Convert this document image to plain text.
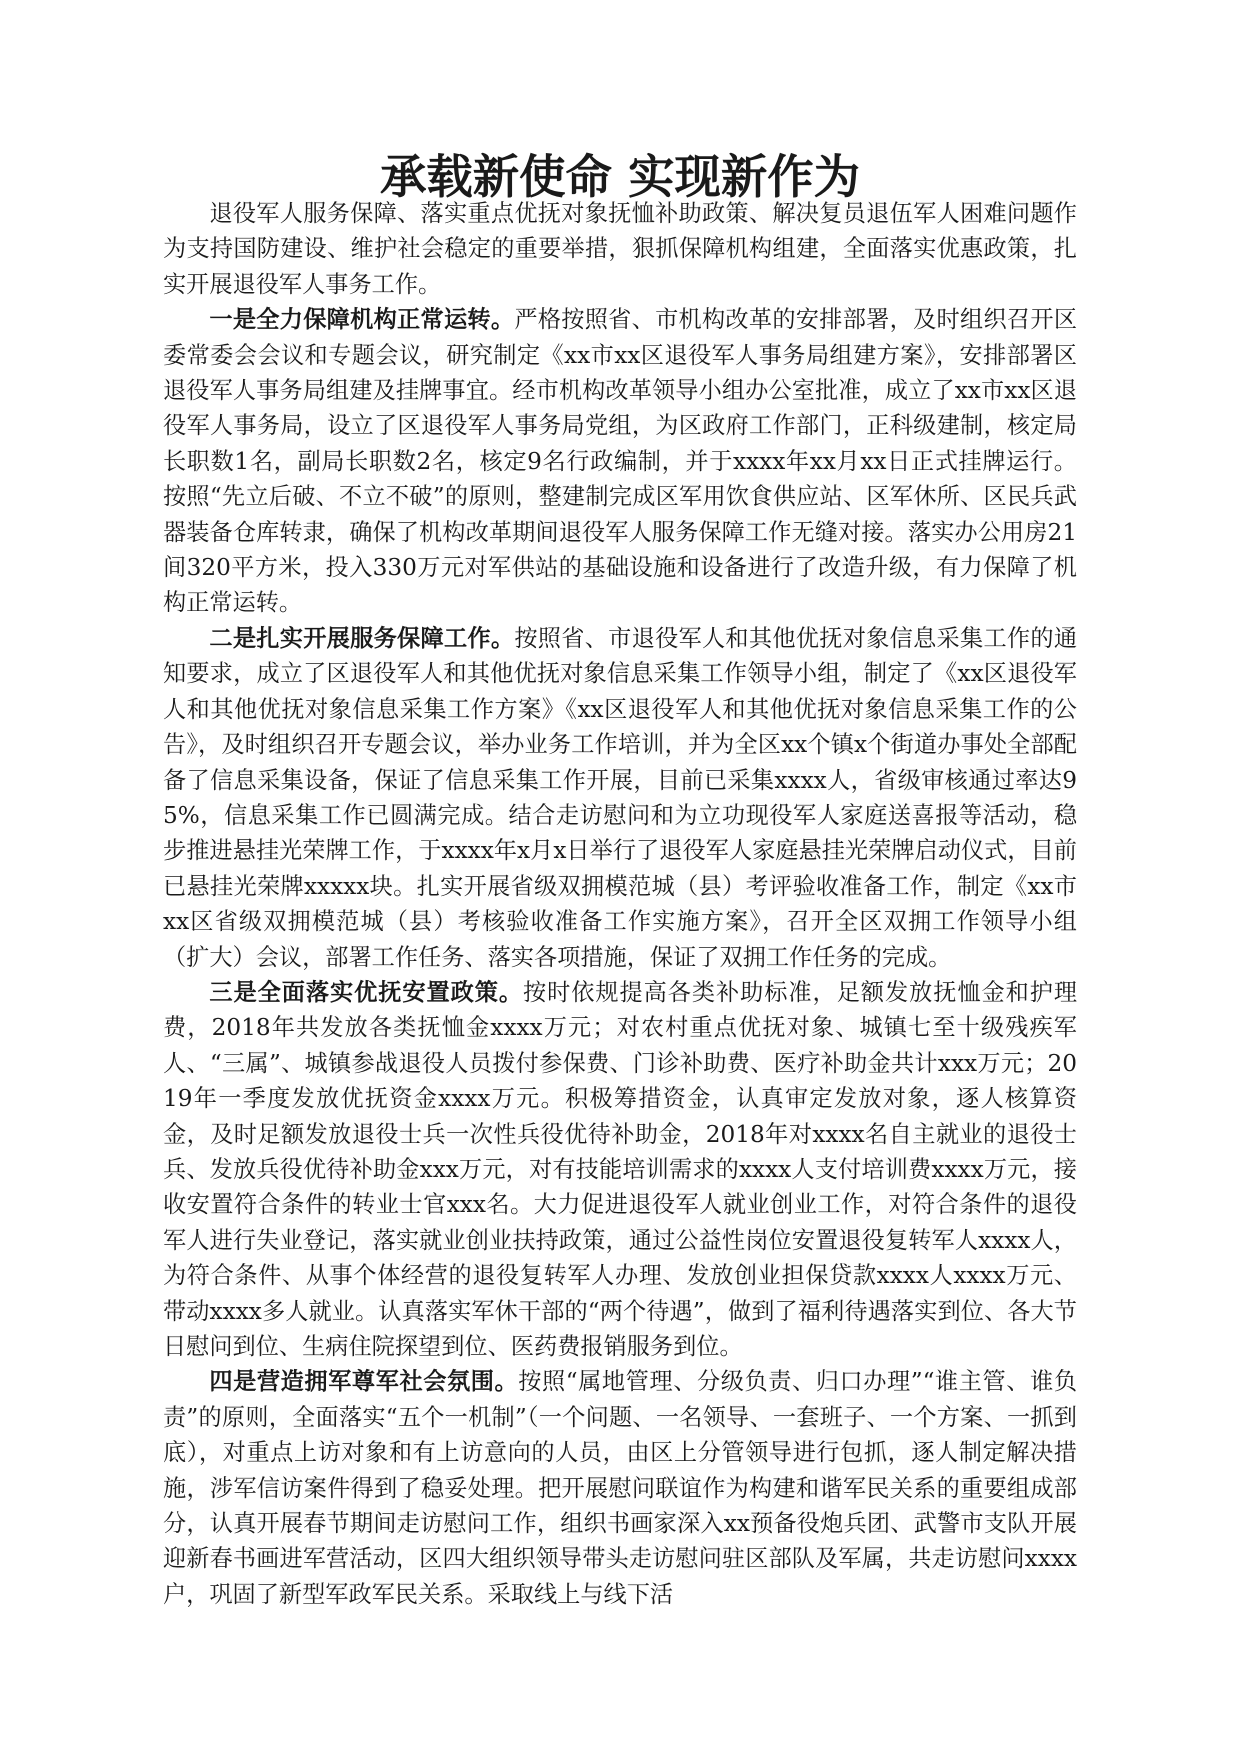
承载新使命 实现新作为

退役军人服务保障、落实重点优抚对象抚恤补助政策、解决复员退伍军人困难问题作为支持国防建设、维护社会稳定的重要举措，狠抓保障机构组建，全面落实优惠政策，扎实开展退役军人事务工作。

一是全力保障机构正常运转。严格按照省、市机构改革的安排部署，及时组织召开区委常委会会议和专题会议，研究制定《xx市xx区退役军人事务局组建方案》，安排部署区退役军人事务局组建及挂牌事宜。经市机构改革领导小组办公室批准，成立了xx市xx区退役军人事务局，设立了区退役军人事务局党组，为区政府工作部门，正科级建制，核定局长职数1名，副局长职数2名，核定9名行政编制，并于xxxx年xx月xx日正式挂牌运行。按照“先立后破、不立不破”的原则，整建制完成区军用饮食供应站、区军休所、区民兵武器装备仓库转隶，确保了机构改革期间退役军人服务保障工作无缝对接。落实办公用房21间320平方米，投入330万元对军供站的基础设施和设备进行了改造升级，有力保障了机构正常运转。

二是扎实开展服务保障工作。按照省、市退役军人和其他优抚对象信息采集工作的通知要求，成立了区退役军人和其他优抚对象信息采集工作领导小组，制定了《xx区退役军人和其他优抚对象信息采集工作方案》《xx区退役军人和其他优抚对象信息采集工作的公告》，及时组织召开专题会议，举办业务工作培训，并为全区xx个镇x个街道办事处全部配备了信息采集设备，保证了信息采集工作开展，目前已采集xxxx人，省级审核通过率达95%，信息采集工作已圆满完成。结合走访慰问和为立功现役军人家庭送喜报等活动，稳步推进悬挂光荣牌工作，于xxxx年x月x日举行了退役军人家庭悬挂光荣牌启动仪式，目前已悬挂光荣牌xxxxx块。扎实开展省级双拥模范城（县）考评验收准备工作，制定《xx市xx区省级双拥模范城（县）考核验收准备工作实施方案》，召开全区双拥工作领导小组（扩大）会议，部署工作任务、落实各项措施，保证了双拥工作任务的完成。

三是全面落实优抚安置政策。按时依规提高各类补助标准，足额发放抚恤金和护理费，2018年共发放各类抚恤金xxxx万元；对农村重点优抚对象、城镇七至十级残疾军人、“三属”、城镇参战退役人员拨付参保费、门诊补助费、医疗补助金共计xxx万元；2019年一季度发放优抚资金xxxx万元。积极筹措资金，认真审定发放对象，逐人核算资金，及时足额发放退役士兵一次性兵役优待补助金，2018年对xxxx名自主就业的退役士兵、发放兵役优待补助金xxx万元，对有技能培训需求的xxxx人支付培训费xxxx万元，接收安置符合条件的转业士官xxx名。大力促进退役军人就业创业工作，对符合条件的退役军人进行失业登记，落实就业创业扶持政策，通过公益性岗位安置退役复转军人xxxx人，为符合条件、从事个体经营的退役复转军人办理、发放创业担保贷款xxxx人xxxx万元、带动xxxx多人就业。认真落实军休干部的“两个待遇”，做到了福利待遇落实到位、各大节日慰问到位、生病住院探望到位、医药费报销服务到位。

四是营造拥军尊军社会氛围。按照“属地管理、分级负责、归口办理”“谁主管、谁负责”的原则，全面落实“五个一机制”（一个问题、一名领导、一套班子、一个方案、一抓到底），对重点上访对象和有上访意向的人员，由区上分管领导进行包抓，逐人制定解决措施，涉军信访案件得到了稳妥处理。把开展慰问联谊作为构建和谐军民关系的重要组成部分，认真开展春节期间走访慰问工作，组织书画家深入xx预备役炮兵团、武警市支队开展迎新春书画进军营活动，区四大组织领导带头走访慰问驻区部队及军属，共走访慰问xxxx户，巩固了新型军政军民关系。采取线上与线下活
